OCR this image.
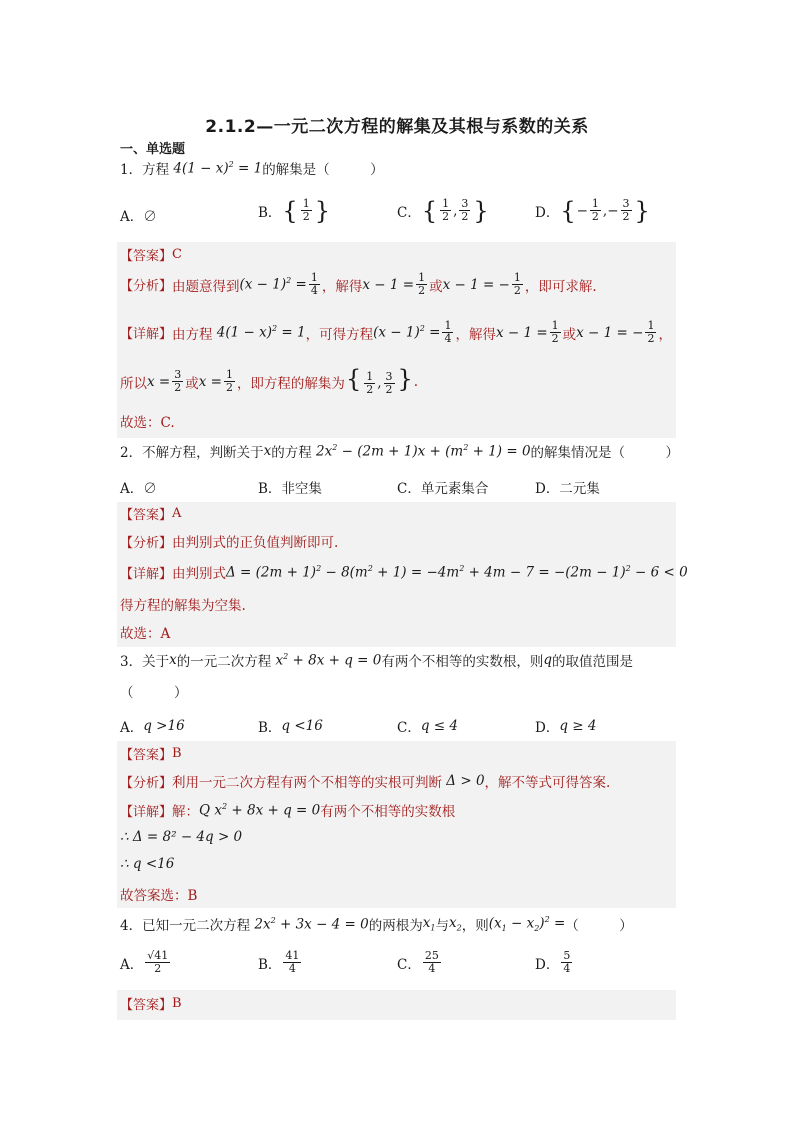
2.1.2—一元二次方程的解集及其根与系数的关系
一、单选题
1．方程 $4(1 - x)^2 = 1$ 的解集是（　　　）
A．∅	B． { $\frac{1}{2}$ }	C． { $\frac{1}{2}$ , $\frac{3}{2}$ }	D． { − $\frac{1}{2}$ ,− $\frac{3}{2}$ }
【答案】 C
【分析】 由题意得到 $(x - 1)^2 = \frac{1}{4}$ ，解得 $x - 1 = \frac{1}{2}$ 或 x − 1 = − $\frac{1}{2}$ ，即可求解.
【详解】 由方程 $4(1 - x)^2 = 1$ ，可得方程 $(x - 1)^2 = \frac{1}{4}$ ，解得 $x - 1 = \frac{1}{2}$ 或 x − 1 = − $\frac{1}{2}$ ，
所以 $x = \frac{3}{2}$ 或 $x = \frac{1}{2}$ ，即方程的解集为 { $\frac{1}{2}$ , $\frac{3}{2}$ } .
故选：C.
2．不解方程，判断关于 x 的方程 $2x^2 - (2m + 1)x + (m^2 + 1) = 0$ 的解集情况是（　　　）
A．∅	B．非空集	C．单元素集合	D．二元集
【答案】 A
【分析】 由判别式的正负值判断即可.
【详解】 由判别式 $\Delta = (2m + 1)^2 - 8(m^2 + 1) = -4m^2 + 4m - 7 = -(2m - 1)^2 - 6 < 0$
得方程的解集为空集.
故选：A
3．关于 x 的一元二次方程 $x^2 + 8x + q = 0$ 有两个不相等的实数根，则 q 的取值范围是
（　　　）
A． q >16	B． q <16	C． q ≤ 4	D． q ≥ 4
【答案】 B
【分析】 利用一元二次方程有两个不相等的实根可判断 Δ > 0 ，解不等式可得答案.
【详解】 解： Q $x^2 + 8x + q = 0$ 有两个不相等的实数根
∴ Δ = 8² − 4q > 0
∴ q <16
故答案选：B
4．已知一元二次方程 $2x^2 + 3x - 4 = 0$ 的两根为 $x_1$ 与 $x_2$ ，则 $(x_1 - x_2)^2$ = （　　　）
A． $\frac{√41}{2}$	B． $\frac{41}{4}$	C． $\frac{25}{4}$	D． $\frac{5}{4}$
【答案】 B
